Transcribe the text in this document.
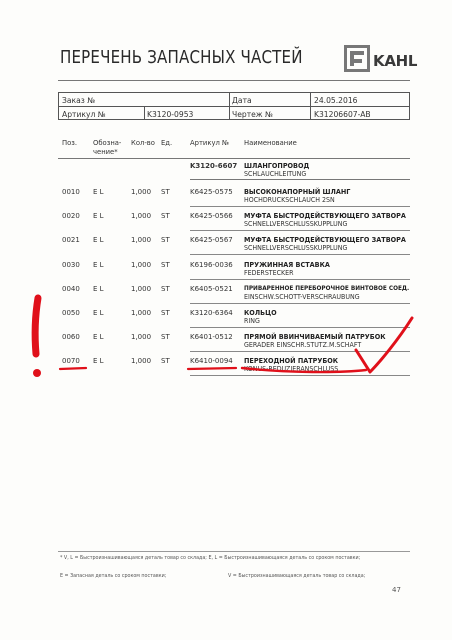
ПЕРЕЧЕНЬ ЗАПАСНЫХ ЧАСТЕЙ	KAHL
Заказ №	Дата	24.05.2016
Артикул №	K3120-0953	Чертеж №	K31206607-AB
Поз. Обозна-
чение*
Кол-во Ед.	Артикул № Наименование
K3120-6607 ШЛАНГОПРОВОД
SCHLAUCHLEITUNG
0010 E L	1,000 ST	K6425-0575 ВЫСОКОНАПОРНЫЙ ШЛАНГ
HOCHDRUCKSCHLAUCH 2SN
0020 E L	1,000 ST	K6425-0566 МУФТА БЫСТРОДЕЙСТВУЮЩЕГО ЗАТВОРА
SCHNELLVERSCHLUSSKUPPLUNG
0021 E L	1,000 ST	K6425-0567 МУФТА БЫСТРОДЕЙСТВУЮЩЕГО ЗАТВОРА
SCHNELLVERSCHLUSSKUPPLUNG
0030 E L	1,000 ST	K6196-0036 ПРУЖИННАЯ ВСТАВКА
FEDERSTECKER
0040 E L	1,000 ST	K6405-0521 ПРИВАРЕННОЕ ПЕРЕБОРОЧНОЕ ВИНТОВОЕ СОЕД.
EINSCHW.SCHOTT-VERSCHRAUBUNG
0050 E L	1,000 ST	K3120-6364 КОЛЬЦО
RING
0060 E L	1,000 ST	K6401-0512 ПРЯМОЙ ВВИНЧИВАЕМЫЙ ПАТРУБОК
GERADER EINSCHR.STUTZ.M.SCHAFT
0070 E L	1,000 ST	K6410-0094 ПЕРЕХОДНОЙ ПАТРУБОК
KONUS-REDUZIERANSCHLUSS
* V, L = Быстроизнашивающаяся деталь товар со склада; E, L = Быстроизнашивающаяся деталь со сроком поставки;
E = Запасная деталь со сроком поставки;	V = Быстроизнашивающаяся деталь товар со склада;
47
